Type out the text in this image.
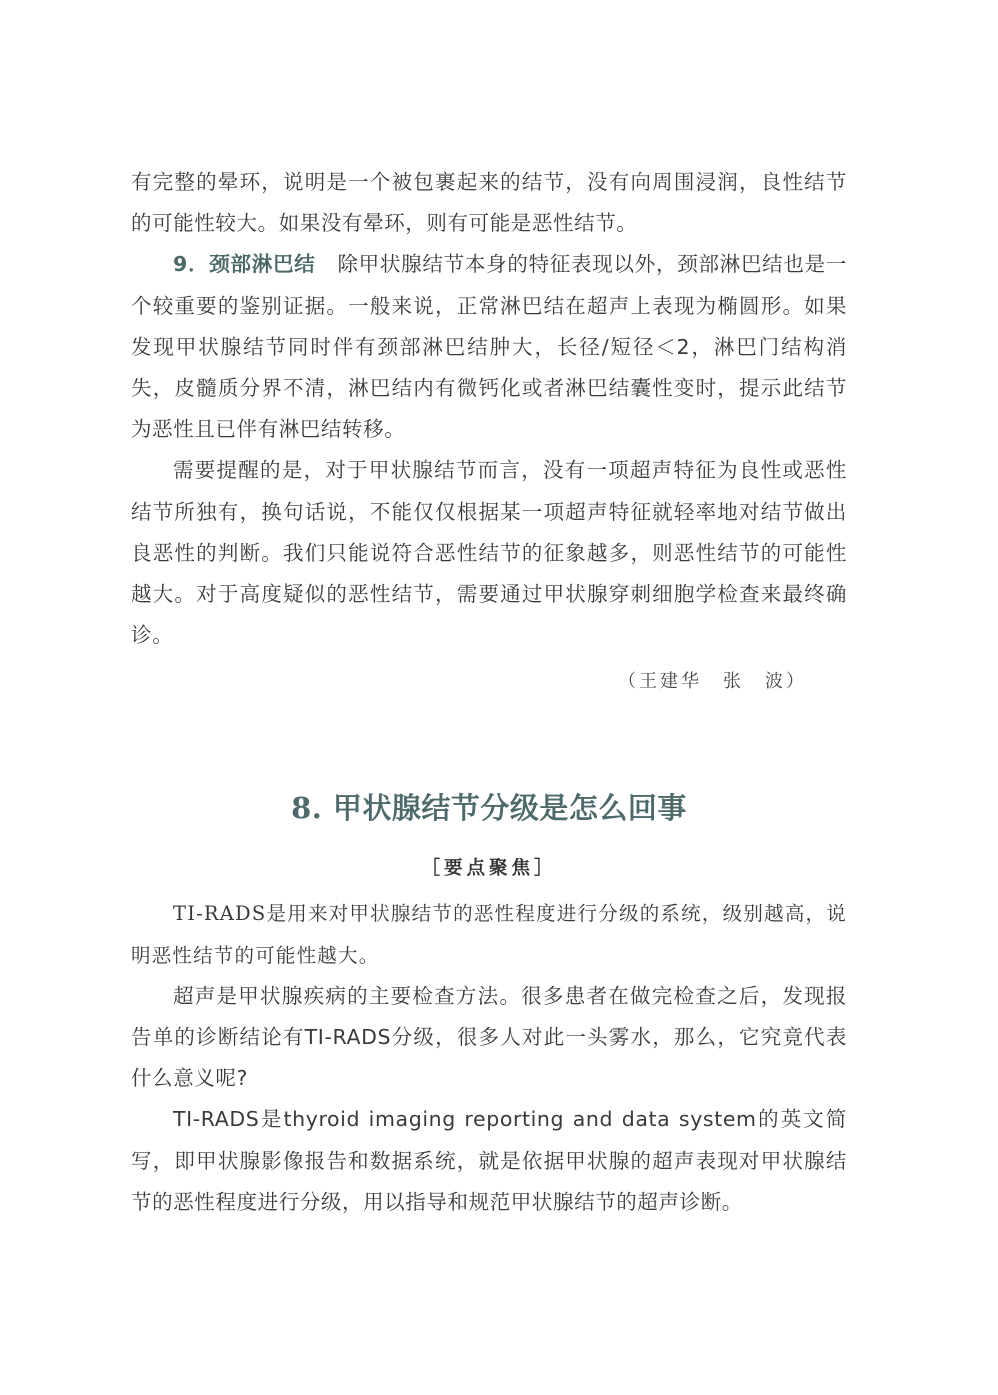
有完整的晕环，说明是一个被包裹起来的结节，没有向周围浸润，良性结节的可能性较大。如果没有晕环，则有可能是恶性结节。

9．颈部淋巴结 除甲状腺结节本身的特征表现以外，颈部淋巴结也是一个较重要的鉴别证据。一般来说，正常淋巴结在超声上表现为椭圆形。如果发现甲状腺结节同时伴有颈部淋巴结肿大，长径/短径＜2，淋巴门结构消失，皮髓质分界不清，淋巴结内有微钙化或者淋巴结囊性变时，提示此结节为恶性且已伴有淋巴结转移。

需要提醒的是，对于甲状腺结节而言，没有一项超声特征为良性或恶性结节所独有，换句话说，不能仅仅根据某一项超声特征就轻率地对结节做出良恶性的判断。我们只能说符合恶性结节的征象越多，则恶性结节的可能性越大。对于高度疑似的恶性结节，需要通过甲状腺穿刺细胞学检查来最终确诊。

（王建华　张　波）
8. 甲状腺结节分级是怎么回事
［要点聚焦］

TI-RADS是用来对甲状腺结节的恶性程度进行分级的系统，级别越高，说明恶性结节的可能性越大。

超声是甲状腺疾病的主要检查方法。很多患者在做完检查之后，发现报告单的诊断结论有TI-RADS分级，很多人对此一头雾水，那么，它究竟代表什么意义呢?

TI-RADS是thyroid imaging reporting and data system的英文简写，即甲状腺影像报告和数据系统，就是依据甲状腺的超声表现对甲状腺结节的恶性程度进行分级，用以指导和规范甲状腺结节的超声诊断。
